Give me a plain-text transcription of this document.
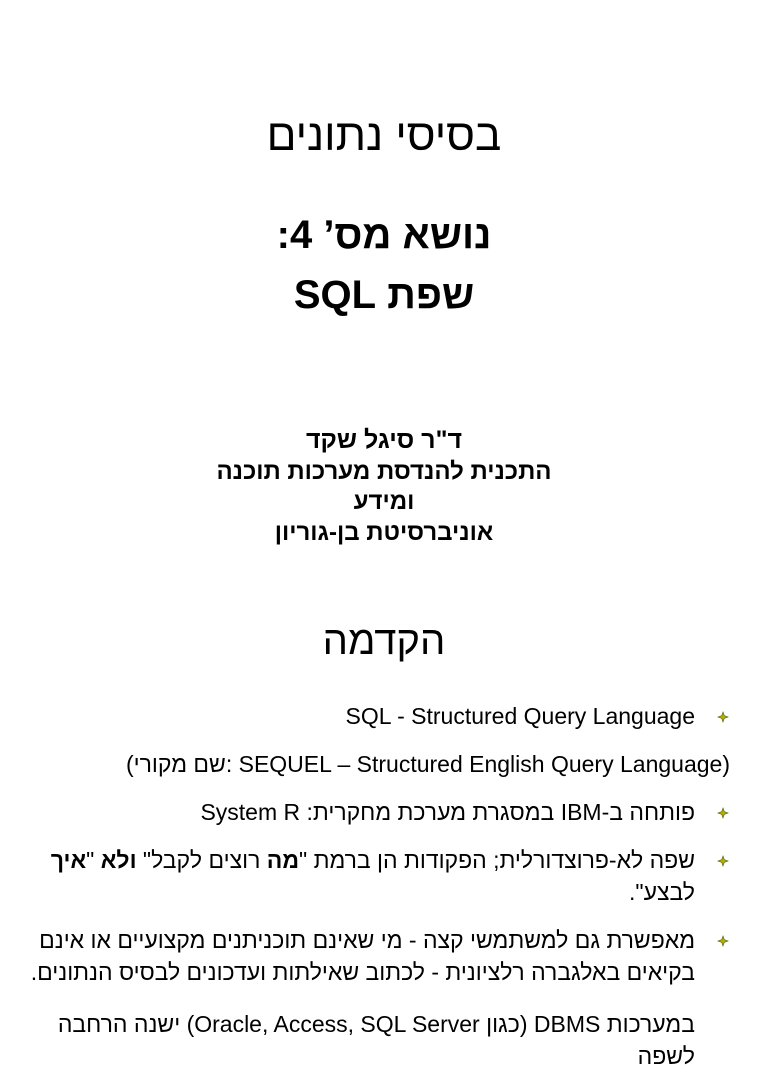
בסיסי נתונים
נושא מס’ 4:
שפת SQL
ד"ר סיגל שקד
התכנית להנדסת מערכות תוכנה
ומידע
אוניברסיטת בן-גוריון
הקדמה
SQL - Structured Query Language
(SEQUEL – Structured English Query Language :שם מקורי)
פותחה ב-IBM במסגרת מערכת מחקרית: System R
שפה לא-פרוצדורלית; הפקודות הן ברמת "מה רוצים לקבל" ולא "איך לבצע".
מאפשרת גם למשתמשי קצה - מי שאינם תוכניתנים מקצועיים או אינם בקיאים באלגברה רלציונית - לכתוב שאילתות ועדכונים לבסיס הנתונים.
במערכות DBMS (כגון Oracle, Access, SQL Server) ישנה הרחבה לשפה
